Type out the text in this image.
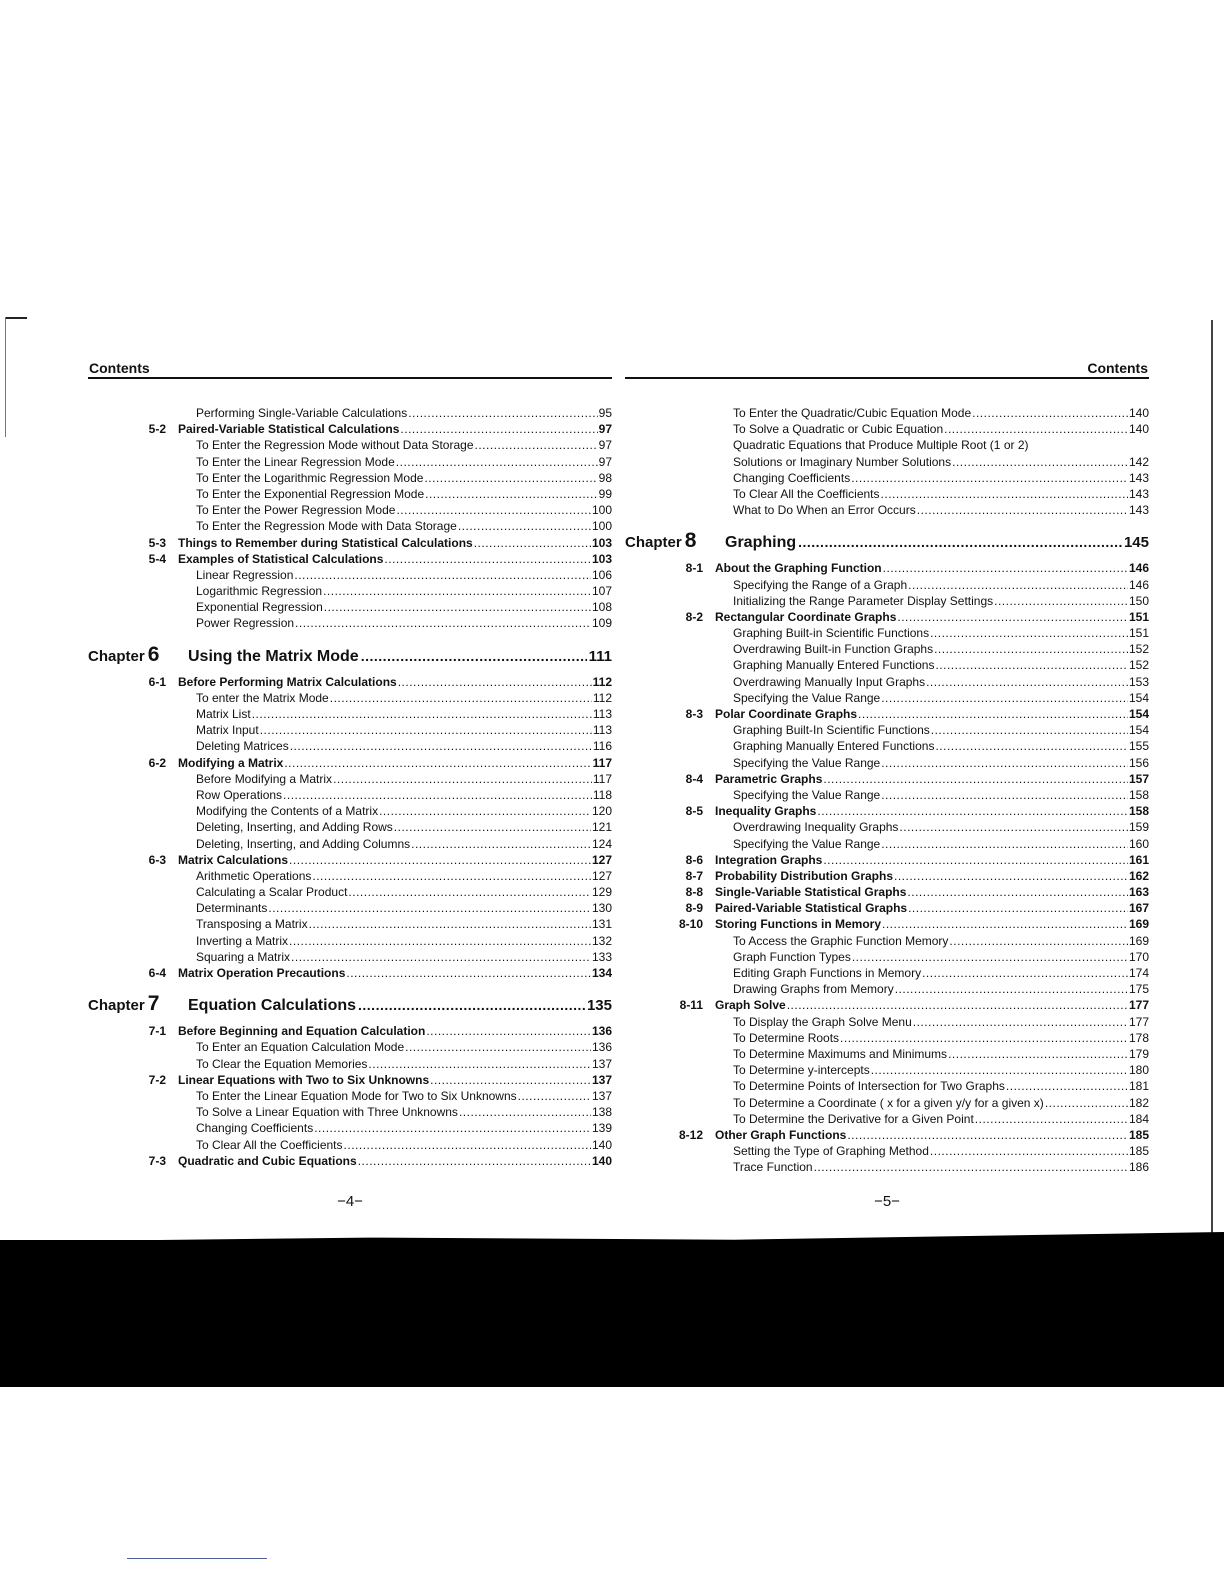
Contents
Performing Single-Variable Calculations .....	95
5-2	Paired-Variable Statistical Calculations .....	97
To Enter the Regression Mode without Data Storage .....	97
To Enter the Linear Regression Mode .....	97
To Enter the Logarithmic Regression Mode .....	98
To Enter the Exponential Regression Mode .....	99
To Enter the Power Regression Mode .....	100
To Enter the Regression Mode with Data Storage .....	100
5-3	Things to Remember during Statistical Calculations .....	103
5-4	Examples of Statistical Calculations .....	103
Linear Regression .....	106
Logarithmic Regression .....	107
Exponential Regression .....	108
Power Regression .....	109
Chapter 6	Using the Matrix Mode .....	111
6-1	Before Performing Matrix Calculations .....	112
To enter the Matrix Mode .....	112
Matrix List .....	113
Matrix Input .....	113
Deleting Matrices .....	116
6-2	Modifying a Matrix .....	117
Before Modifying a Matrix .....	117
Row Operations .....	118
Modifying the Contents of a Matrix .....	120
Deleting, Inserting, and Adding Rows .....	121
Deleting, Inserting, and Adding Columns .....	124
6-3	Matrix Calculations .....	127
Arithmetic Operations .....	127
Calculating a Scalar Product .....	129
Determinants .....	130
Transposing a Matrix .....	131
Inverting a Matrix .....	132
Squaring a Matrix .....	133
6-4	Matrix Operation Precautions .....	134
Chapter 7	Equation Calculations .....	135
7-1	Before Beginning and Equation Calculation .....	136
To Enter an Equation Calculation Mode .....	136
To Clear the Equation Memories .....	137
7-2	Linear Equations with Two to Six Unknowns .....	137
To Enter the Linear Equation Mode for Two to Six Unknowns .....	137
To Solve a Linear Equation with Three Unknowns .....	138
Changing Coefficients .....	139
To Clear All the Coefficients .....	140
7-3	Quadratic and Cubic Equations .....	140
−4−
Contents
To Enter the Quadratic/Cubic Equation Mode .....	140
To Solve a Quadratic or Cubic Equation .....	140
Quadratic Equations that Produce Multiple Root (1 or 2)
Solutions or Imaginary Number Solutions .....	142
Changing Coefficients .....	143
To Clear All the Coefficients .....	143
What to Do When an Error Occurs .....	143
Chapter 8	Graphing .....	145
8-1	About the Graphing Function .....	146
Specifying the Range of a Graph .....	146
Initializing the Range Parameter Display Settings .....	150
8-2	Rectangular Coordinate Graphs .....	151
Graphing Built-in Scientific Functions .....	151
Overdrawing Built-in Function Graphs .....	152
Graphing Manually Entered Functions .....	152
Overdrawing Manually Input Graphs .....	153
Specifying the Value Range .....	154
8-3	Polar Coordinate Graphs .....	154
Graphing Built-In Scientific Functions .....	154
Graphing Manually Entered Functions .....	155
Specifying the Value Range .....	156
8-4	Parametric Graphs .....	157
Specifying the Value Range .....	158
8-5	Inequality Graphs .....	158
Overdrawing Inequality Graphs .....	159
Specifying the Value Range .....	160
8-6	Integration Graphs .....	161
8-7	Probability Distribution Graphs .....	162
8-8	Single-Variable Statistical Graphs .....	163
8-9	Paired-Variable Statistical Graphs .....	167
8-10	Storing Functions in Memory .....	169
To Access the Graphic Function Memory .....	169
Graph Function Types .....	170
Editing Graph Functions in Memory .....	174
Drawing Graphs from Memory .....	175
8-11	Graph Solve .....	177
To Display the Graph Solve Menu .....	177
To Determine Roots .....	178
To Determine Maximums and Minimums .....	179
To Determine y-intercepts .....	180
To Determine Points of Intersection for Two Graphs .....	181
To Determine a Coordinate ( x for a given y/y for a given x) .....	182
To Determine the Derivative for a Given Point .....	184
8-12	Other Graph Functions .....	185
Setting the Type of Graphing Method .....	185
Trace Function .....	186
−5−
